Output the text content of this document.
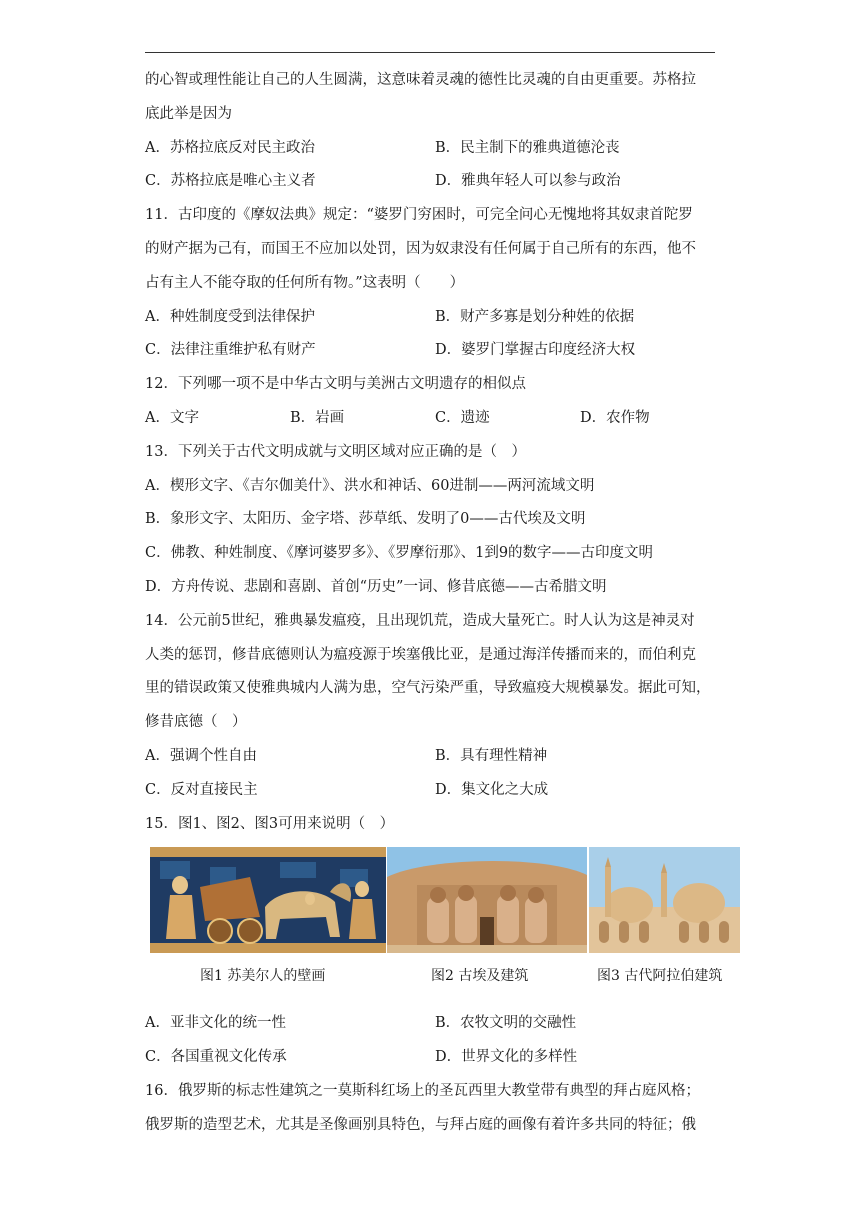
的心智或理性能让自己的人生圆满，这意味着灵魂的德性比灵魂的自由更重要。苏格拉
底此举是因为
A．苏格拉底反对民主政治	B．民主制下的雅典道德沦丧
C．苏格拉底是唯心主义者	D．雅典年轻人可以参与政治
11．古印度的《摩奴法典》规定：“婆罗门穷困时，可完全问心无愧地将其奴隶首陀罗
的财产据为己有，而国王不应加以处罚，因为奴隶没有任何属于自己所有的东西，他不
占有主人不能夺取的任何所有物。”这表明（　　）
A．种姓制度受到法律保护	B．财产多寡是划分种姓的依据
C．法律注重维护私有财产	D．婆罗门掌握古印度经济大权
12．下列哪一项不是中华古文明与美洲古文明遗存的相似点
A．文字	B．岩画	C．遗迹	D．农作物
13．下列关于古代文明成就与文明区域对应正确的是（　）
A．楔形文字、《吉尔伽美什》、洪水和神话、60进制——两河流域文明
B．象形文字、太阳历、金字塔、莎草纸、发明了0——古代埃及文明
C．佛教、种姓制度、《摩诃婆罗多》、《罗摩衍那》、1到9的数字——古印度文明
D．方舟传说、悲剧和喜剧、首创“历史”一词、修昔底德——古希腊文明
14．公元前5世纪，雅典暴发瘟疫，且出现饥荒，造成大量死亡。时人认为这是神灵对
人类的惩罚，修昔底德则认为瘟疫源于埃塞俄比亚，是通过海洋传播而来的，而伯利克
里的错误政策又使雅典城内人满为患，空气污染严重，导致瘟疫大规模暴发。据此可知，
修昔底德（　）
A．强调个性自由	B．具有理性精神
C．反对直接民主	D．集文化之大成
15．图1、图2、图3可用来说明（　）
图1 苏美尔人的壁画	图2 古埃及建筑	图3 古代阿拉伯建筑
A．亚非文化的统一性	B．农牧文明的交融性
C．各国重视文化传承	D．世界文化的多样性
16．俄罗斯的标志性建筑之一莫斯科红场上的圣瓦西里大教堂带有典型的拜占庭风格；
俄罗斯的造型艺术，尤其是圣像画别具特色，与拜占庭的画像有着许多共同的特征；俄
